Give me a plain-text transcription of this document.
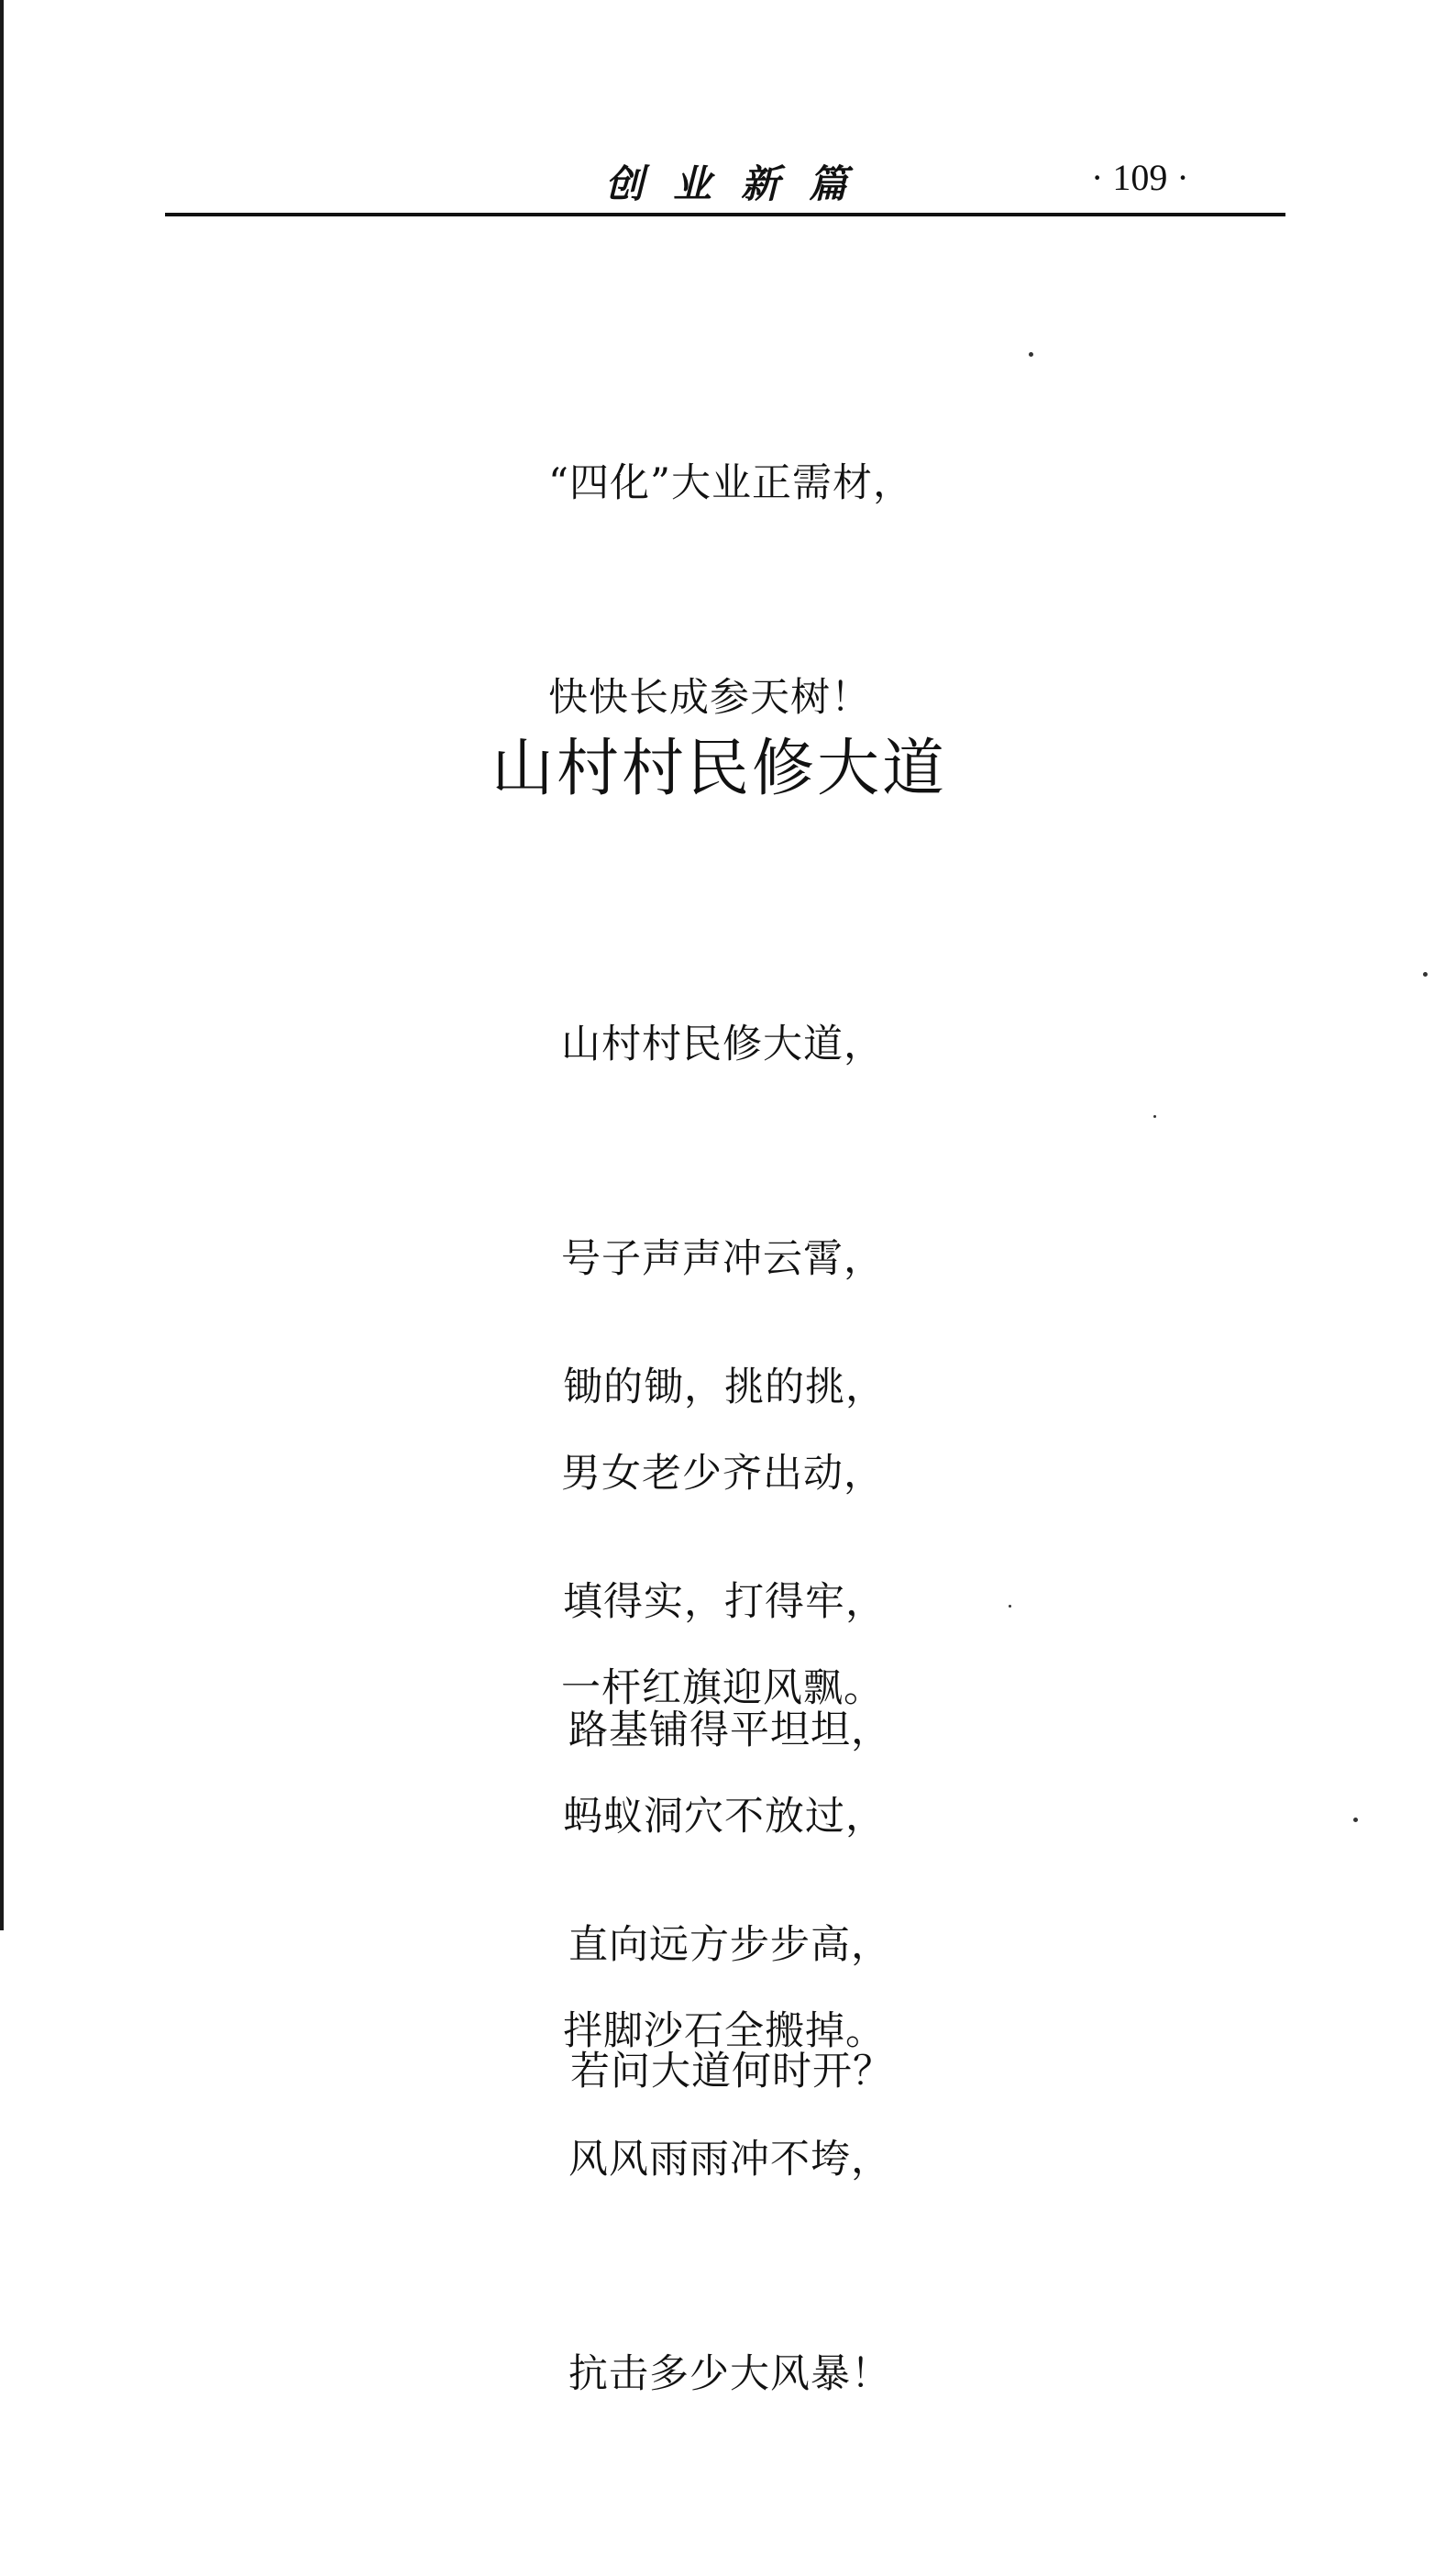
创业新篇	· 109 ·

“四化”大业正需材，

快快长成参天树！

山村村民修大道

山村村民修大道，

号子声声冲云霄，

男女老少齐出动，

一杆红旗迎风飘。

锄的锄，挑的挑，

填得实，打得牢，

蚂蚁洞穴不放过，

拌脚沙石全搬掉。

路基铺得平坦坦，

直向远方步步高，

风风雨雨冲不垮，

抗击多少大风暴！

若问大道何时开？
